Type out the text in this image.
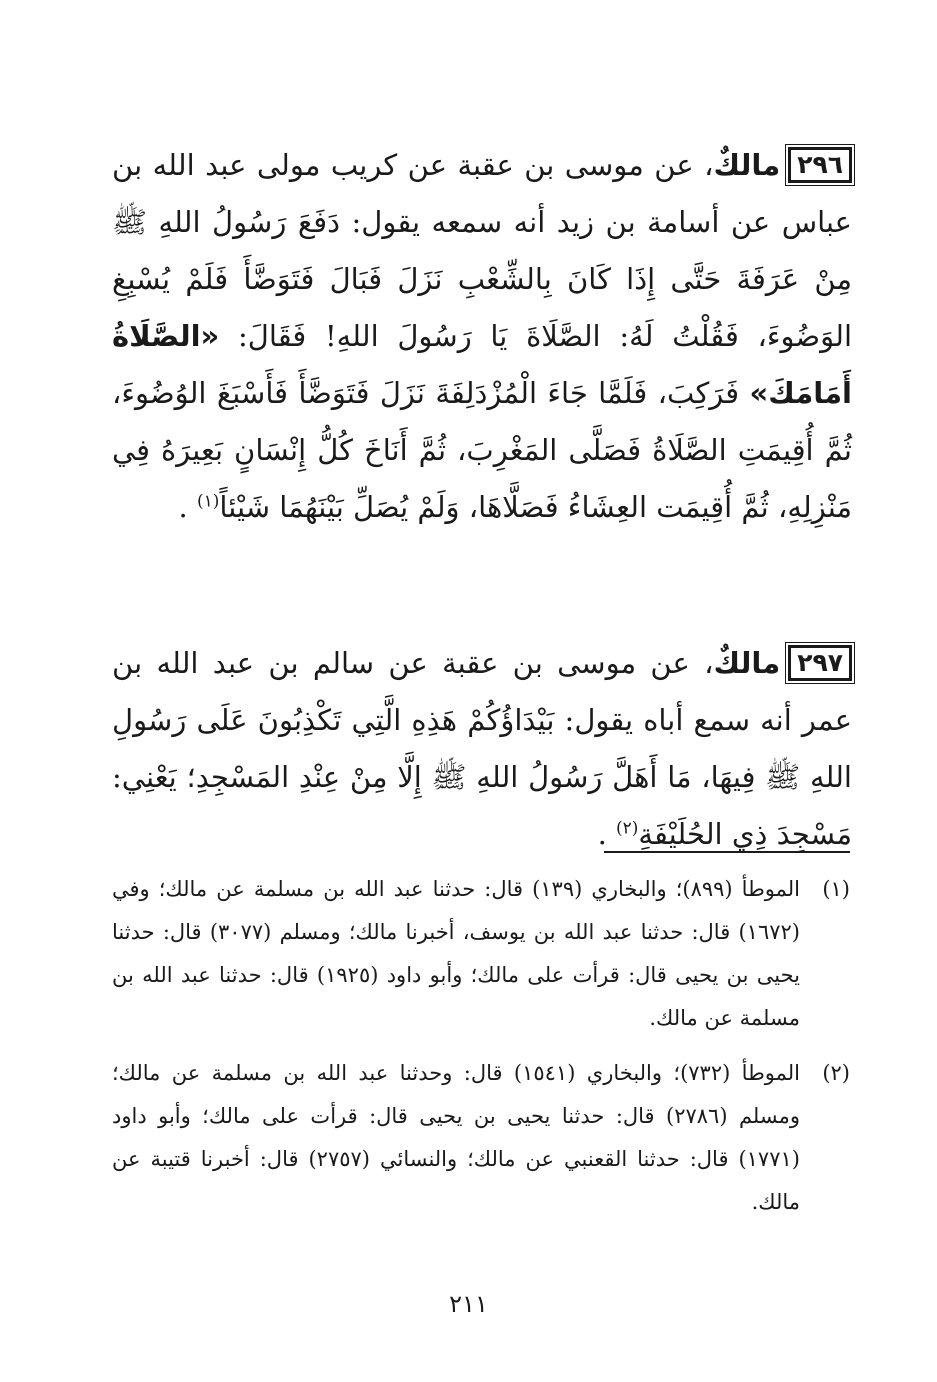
٢٩٦مالكٌ، عن موسى بن عقبة عن كريب مولى عبد الله بن عباس عن أسامة بن زيد أنه سمعه يقول: دَفَعَ رَسُولُ اللهِ ﷺ مِنْ عَرَفَةَ حَتَّى إِذَا كَانَ بِالشِّعْبِ نَزَلَ فَبَالَ فَتَوَضَّأَ فَلَمْ يُسْبِغِ الوَضُوءَ، فَقُلْتُ لَهُ: الصَّلَاةَ يَا رَسُولَ اللهِ! فَقَالَ: «الصَّلَاةُ أَمَامَكَ» فَرَكِبَ، فَلَمَّا جَاءَ الْمُزْدَلِفَةَ نَزَلَ فَتَوَضَّأَ فَأَسْبَغَ الوُضُوءَ، ثُمَّ أُقِيمَتِ الصَّلَاةُ فَصَلَّى المَغْرِبَ، ثُمَّ أَنَاخَ كُلُّ إِنْسَانٍ بَعِيرَهُ فِي مَنْزِلِهِ، ثُمَّ أُقِيمَت العِشَاءُ فَصَلَّاهَا، وَلَمْ يُصَلِّ بَيْنَهُمَا شَيْئاً$^{(١)}$ .

٢٩٧مالكٌ، عن موسى بن عقبة عن سالم بن عبد الله بن عمر أنه سمع أباه يقول: بَيْدَاؤُكُمْ هَذِهِ الَّتِي تَكْذِبُونَ عَلَى رَسُولِ اللهِ ﷺ فِيهَا، مَا أَهَلَّ رَسُولُ اللهِ ﷺ إِلَّا مِنْ عِنْدِ المَسْجِدِ؛ يَعْنِي: مَسْجِدَ ذِي الحُلَيْفَةِ$^{(٢)}$ .

(١)
الموطأ (٨٩٩)؛ والبخاري (١٣٩) قال: حدثنا عبد الله بن مسلمة عن مالك؛ وفي (١٦٧٢) قال: حدثنا عبد الله بن يوسف، أخبرنا مالك؛ ومسلم (٣٠٧٧) قال: حدثنا يحيى بن يحيى قال: قرأت على مالك؛ وأبو داود (١٩٢٥) قال: حدثنا عبد الله بن مسلمة عن مالك.
(٢)
الموطأ (٧٣٢)؛ والبخاري (١٥٤١) قال: وحدثنا عبد الله بن مسلمة عن مالك؛ ومسلم (٢٧٨٦) قال: حدثنا يحيى بن يحيى قال: قرأت على مالك؛ وأبو داود (١٧٧١) قال: حدثنا القعنبي عن مالك؛ والنسائي (٢٧٥٧) قال: أخبرنا قتيبة عن مالك.
٢١١
